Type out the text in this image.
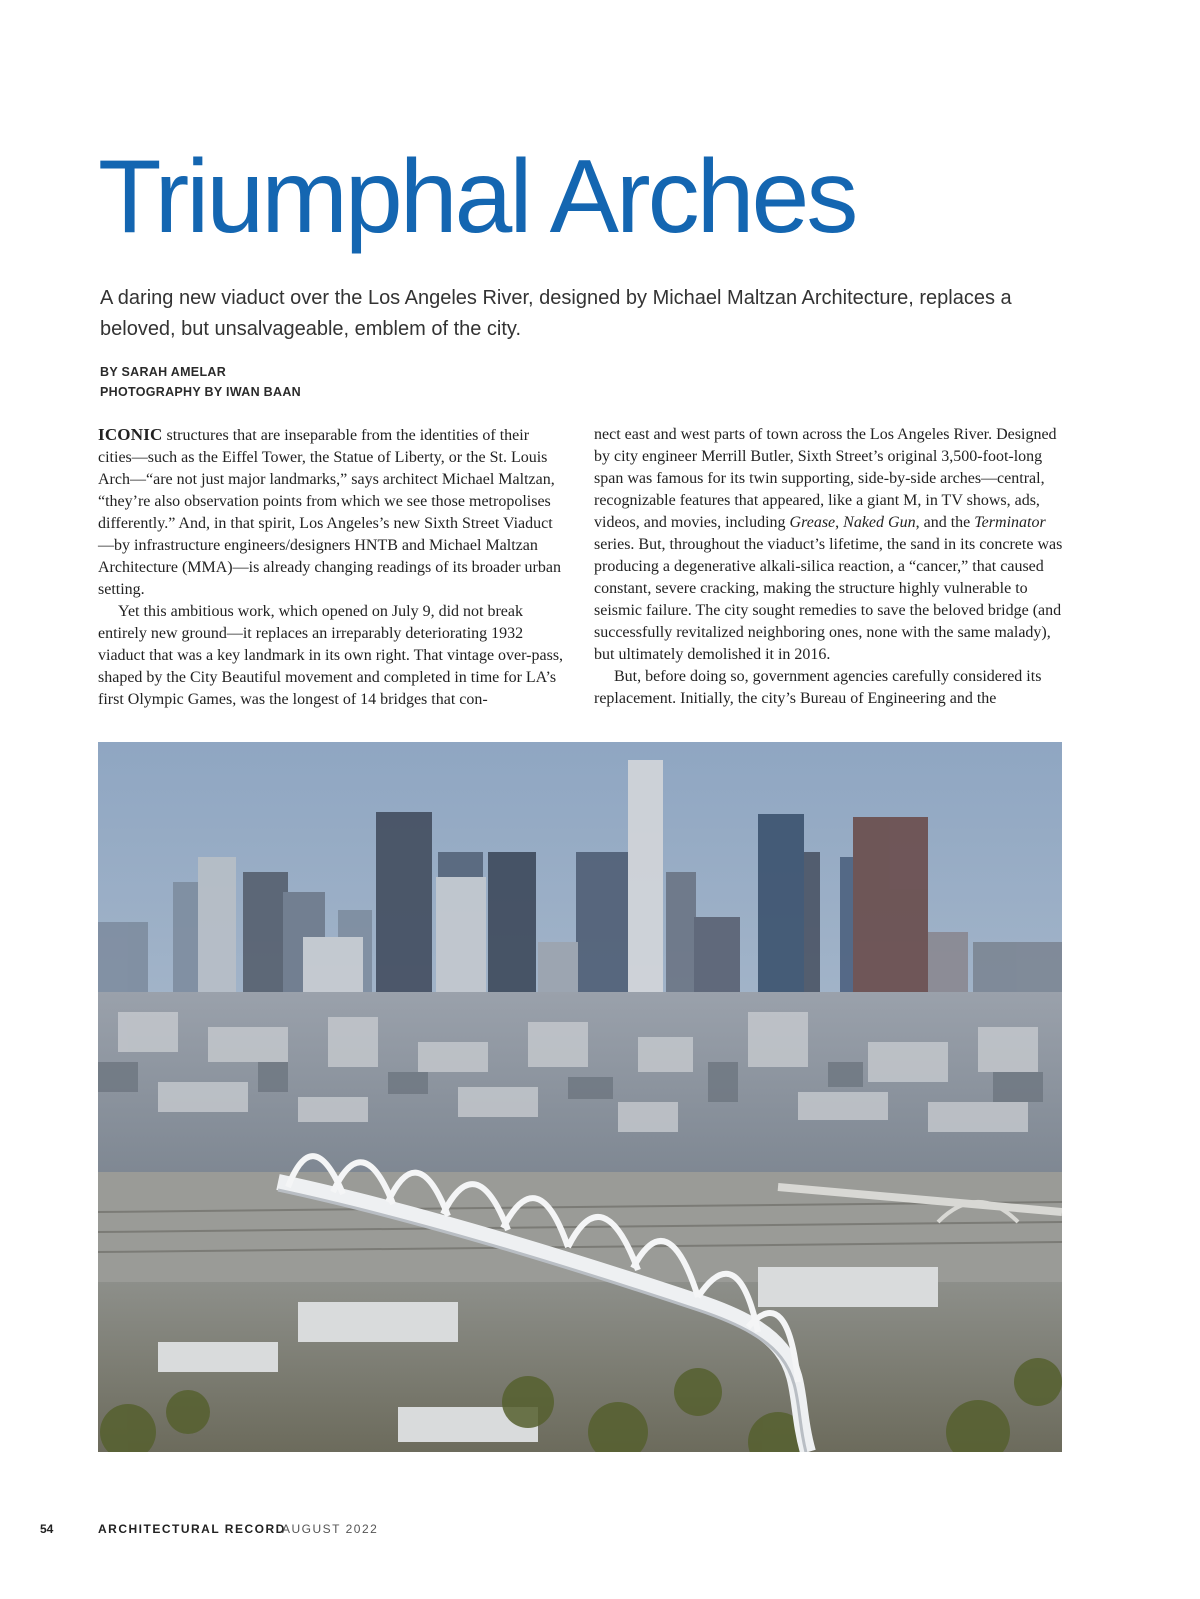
Triumphal Arches

A daring new viaduct over the Los Angeles River, designed by Michael Maltzan Architecture, replaces a beloved, but unsalvageable, emblem of the city.

BY SARAH AMELAR
PHOTOGRAPHY BY IWAN BAAN

ICONIC structures that are inseparable from the identities of their cities—such as the Eiffel Tower, the Statue of Liberty, or the St. Louis Arch—“are not just major landmarks,” says architect Michael Maltzan, “they’re also observation points from which we see those metropolises differently.” And, in that spirit, Los Angeles’s new Sixth Street Viaduct—by infrastructure engineers/designers HNTB and Michael Maltzan Architecture (MMA)—is already changing readings of its broader urban setting.

Yet this ambitious work, which opened on July 9, did not break entirely new ground—it replaces an irreparably deteriorating 1932 viaduct that was a key landmark in its own right. That vintage over-pass, shaped by the City Beautiful movement and completed in time for LA’s first Olympic Games, was the longest of 14 bridges that con-

nect east and west parts of town across the Los Angeles River. Designed by city engineer Merrill Butler, Sixth Street’s original 3,500-foot-long span was famous for its twin supporting, side-by-side arches—central, recognizable features that appeared, like a giant M, in TV shows, ads, videos, and movies, including Grease, Naked Gun, and the Terminator series. But, throughout the viaduct’s lifetime, the sand in its concrete was producing a degenerative alkali-silica reaction, a “cancer,” that caused constant, severe cracking, making the structure highly vulnerable to seismic failure. The city sought remedies to save the beloved bridge (and successfully revitalized neighboring ones, none with the same malady), but ultimately demolished it in 2016.

But, before doing so, government agencies carefully considered its replacement. Initially, the city’s Bureau of Engineering and the

54	ARCHITECTURAL RECORD
AUGUST 2022
